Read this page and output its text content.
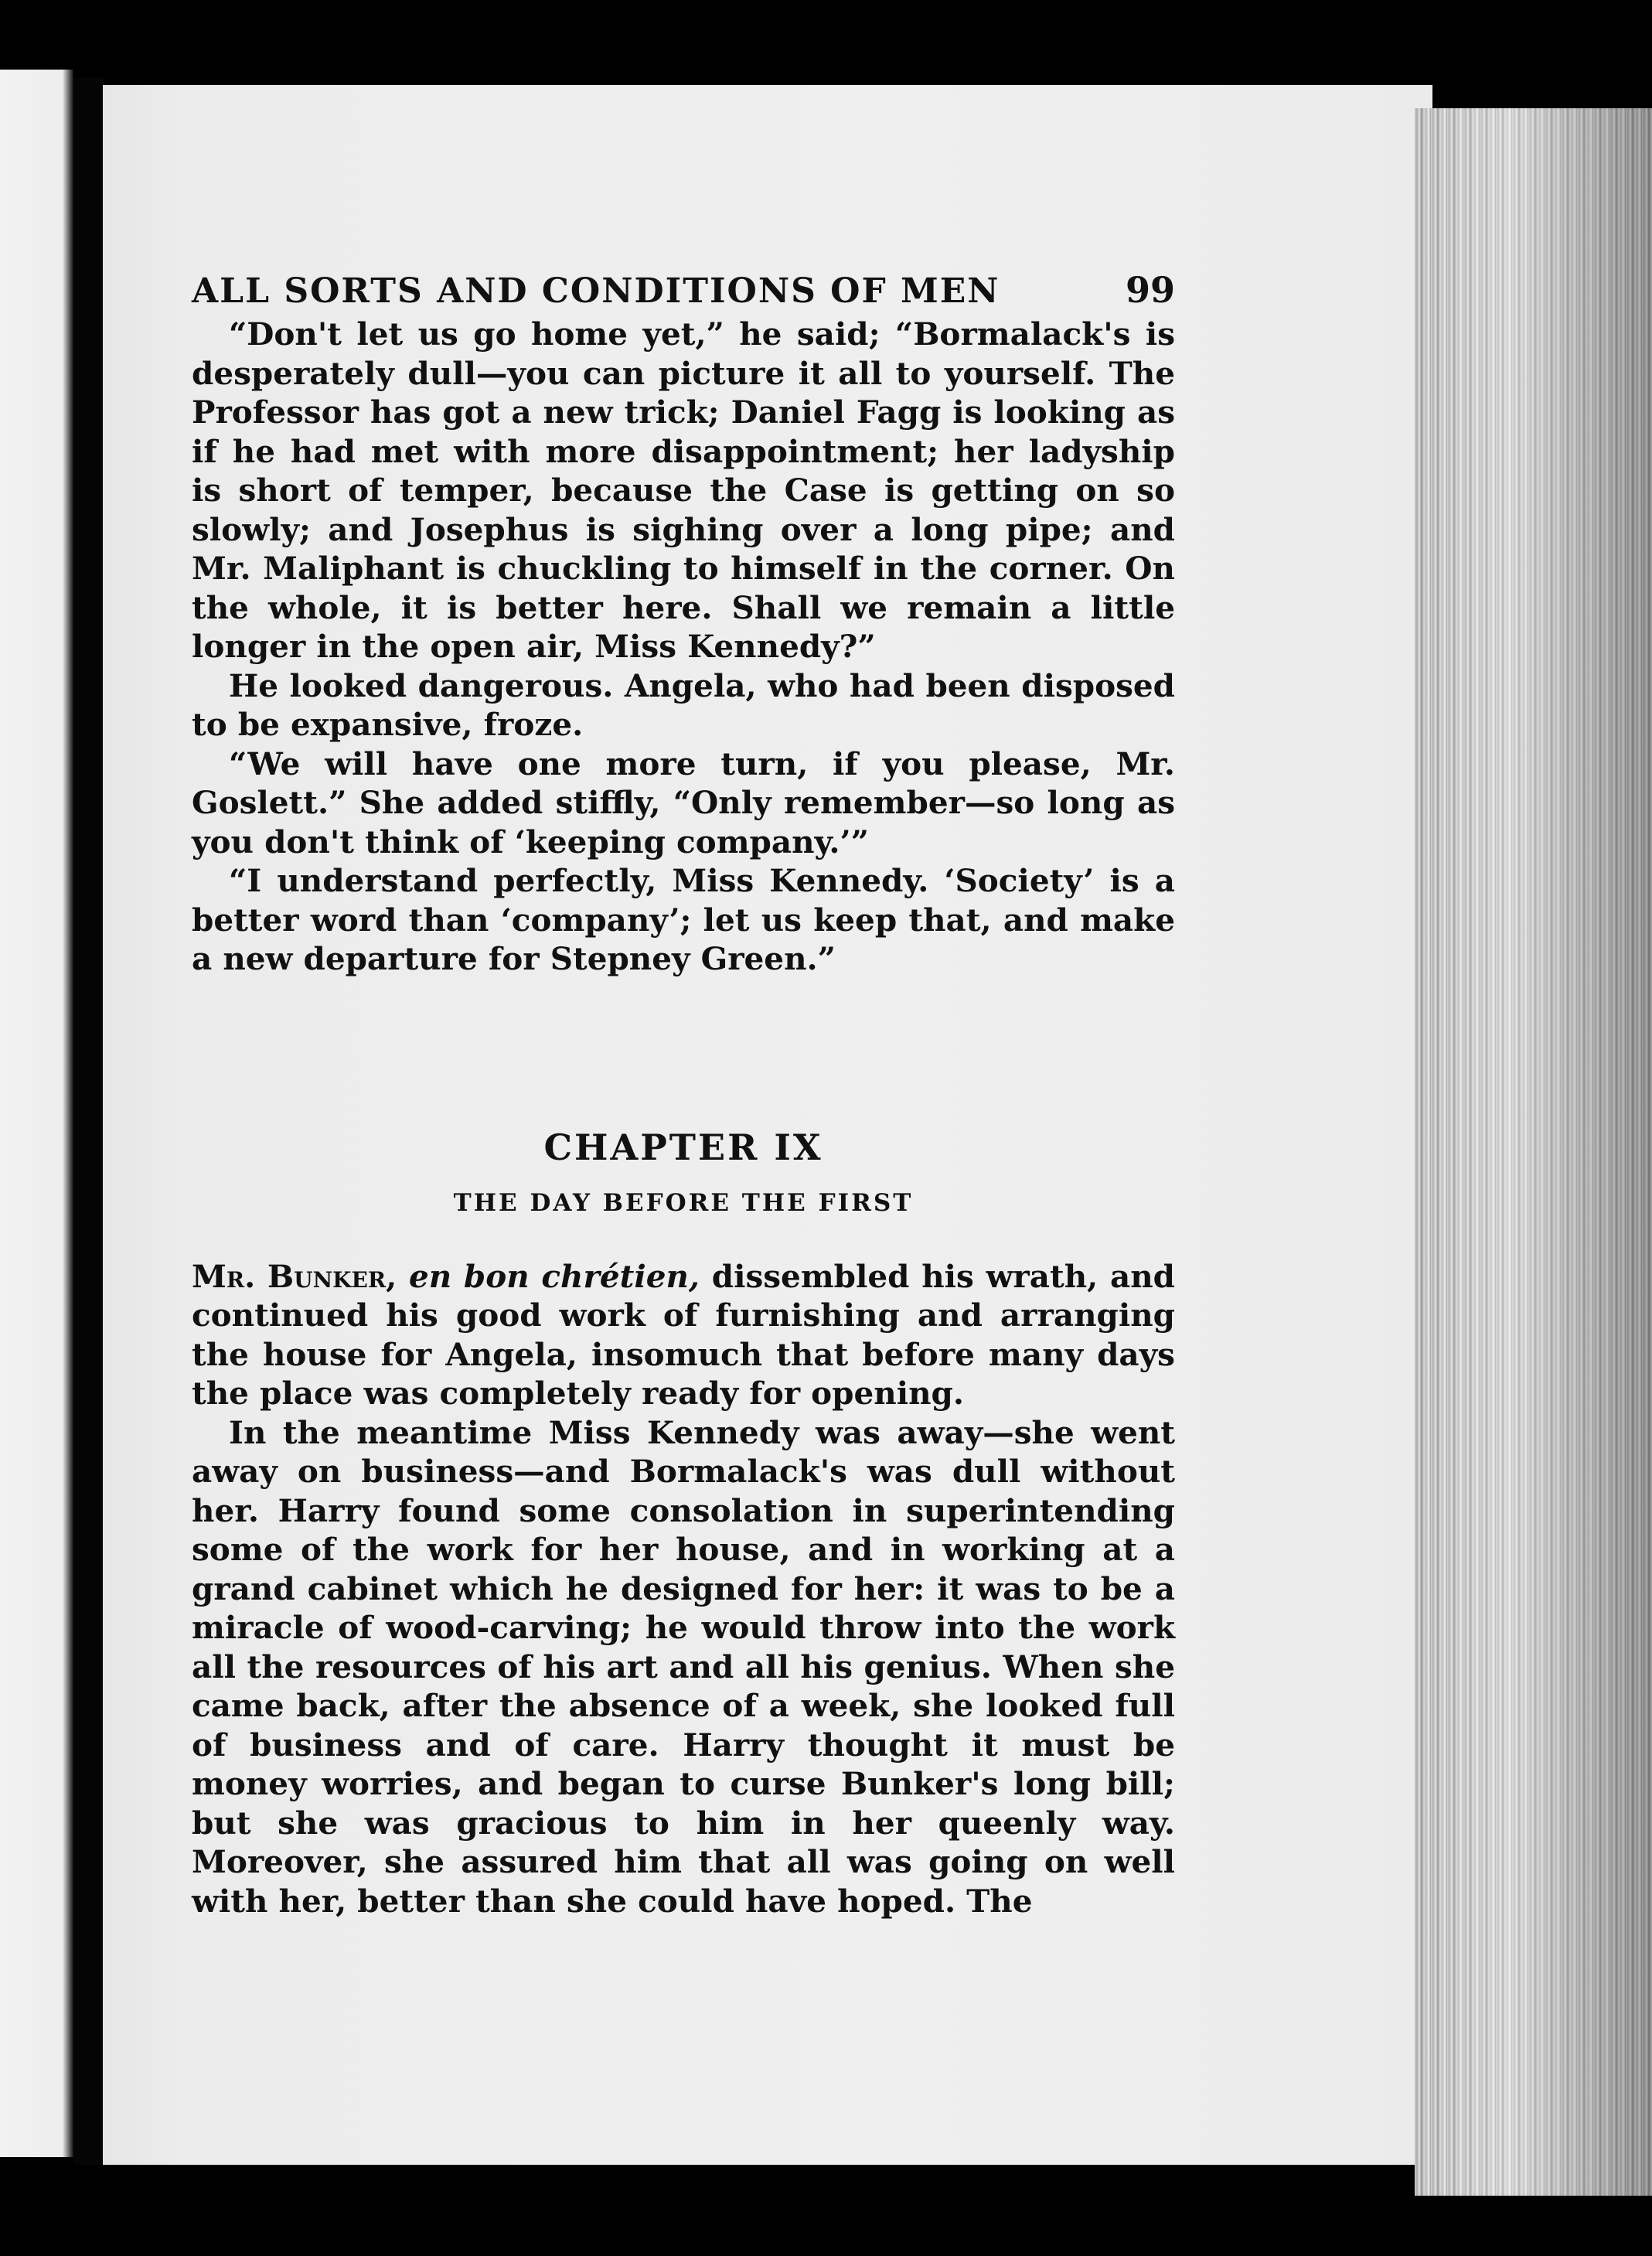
ALL SORTS AND CONDITIONS OF MEN	99

“Don't let us go home yet,” he said; “Bormalack's is desperately dull—you can picture it all to yourself. The Professor has got a new trick; Daniel Fagg is looking as if he had met with more disappointment; her ladyship is short of temper, because the Case is getting on so slowly; and Josephus is sighing over a long pipe; and Mr. Maliphant is chuckling to himself in the corner. On the whole, it is better here. Shall we remain a little longer in the open air, Miss Kennedy?”

He looked dangerous. Angela, who had been disposed to be expansive, froze.

“We will have one more turn, if you please, Mr. Goslett.” She added stiffly, “Only remember—so long as you don't think of ‘keeping company.’”

“I understand perfectly, Miss Kennedy. ‘Society’ is a better word than ‘company’; let us keep that, and make a new departure for Stepney Green.”

CHAPTER IX
THE DAY BEFORE THE FIRST

Mr. Bunker, en bon chrétien, dissembled his wrath, and continued his good work of furnishing and arranging the house for Angela, insomuch that before many days the place was completely ready for opening.

In the meantime Miss Kennedy was away—she went away on business—and Bormalack's was dull without her. Harry found some consolation in superintending some of the work for her house, and in working at a grand cabinet which he designed for her: it was to be a miracle of wood-carving; he would throw into the work all the resources of his art and all his genius. When she came back, after the absence of a week, she looked full of business and of care. Harry thought it must be money worries, and began to curse Bunker's long bill; but she was gracious to him in her queenly way. Moreover, she assured him that all was going on well with her, better than she could have hoped. The
